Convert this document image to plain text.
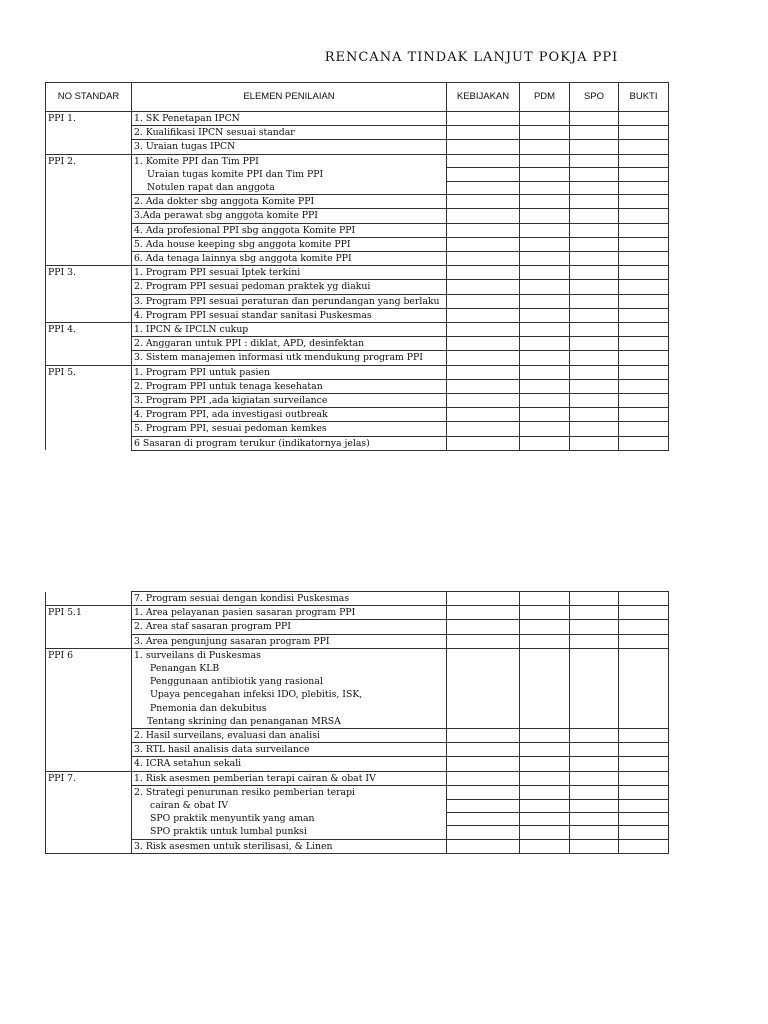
RENCANA TINDAK LANJUT POKJA PPI
NO STANDAR	ELEMEN PENILAIAN	KEBIJAKAN	PDM	SPO	BUKTI
PPI 1.	1. SK Penetapan IPCN				
	2. Kualifikasi IPCN sesuai standar				
	3. Uraian tugas IPCN				
PPI 2.	1. Komite PPI dan Tim PPI				
	Uraian tugas komite PPI dan Tim PPI				
	Notulen rapat dan anggota				
	2. Ada dokter sbg anggota Komite PPI				
	3.Ada perawat sbg anggota komite PPI				
	4. Ada profesional PPI sbg anggota Komite PPI				
	5. Ada house keeping sbg anggota komite PPI				
	6. Ada tenaga lainnya sbg anggota komite PPI				
PPI 3.	1. Program PPI sesuai Iptek terkini				
	2. Program PPI sesuai pedoman praktek yg diakui				
	3. Program PPI sesuai peraturan dan perundangan yang berlaku				
	4. Program PPI sesuai standar sanitasi Puskesmas				
PPI 4.	1. IPCN & IPCLN cukup				
	2. Anggaran untuk PPI : diklat, APD, desinfektan				
	3. Sistem manajemen informasi utk mendukung program PPI				
PPI 5.	1. Program PPI untuk pasien				
	2. Program PPI untuk tenaga kesehatan				
	3. Program PPI ,ada kigiatan surveilance				
	4. Program PPI, ada investigasi outbreak				
	5. Program PPI, sesuai pedoman kemkes				
	6 Sasaran di program terukur (indikatornya jelas)				
	7. Program sesuai dengan kondisi Puskesmas				
PPI 5.1	1. Area pelayanan pasien sasaran program PPI				
	2. Area staf sasaran program PPI				
	3. Area pengunjung sasaran program PPI				
PPI 6	1. surveilans di Puskesmas				
	Penangan KLB				
	Penggunaan antibiotik yang rasional				
	Upaya pencegahan infeksi IDO, plebitis, ISK,				
	Pnemonia dan dekubitus				
	Tentang skrining dan penanganan MRSA				
	2. Hasil surveilans, evaluasi dan analisi				
	3. RTL hasil analisis data surveilance				
	4. ICRA setahun sekali				
PPI 7.	1. Risk asesmen pemberian terapi cairan & obat IV				
	2. Strategi penurunan resiko pemberian terapi				
	cairan & obat IV				
	SPO praktik menyuntik yang aman				
	SPO praktik untuk lumbal punksi				
	3. Risk asesmen untuk sterilisasi, & Linen				
